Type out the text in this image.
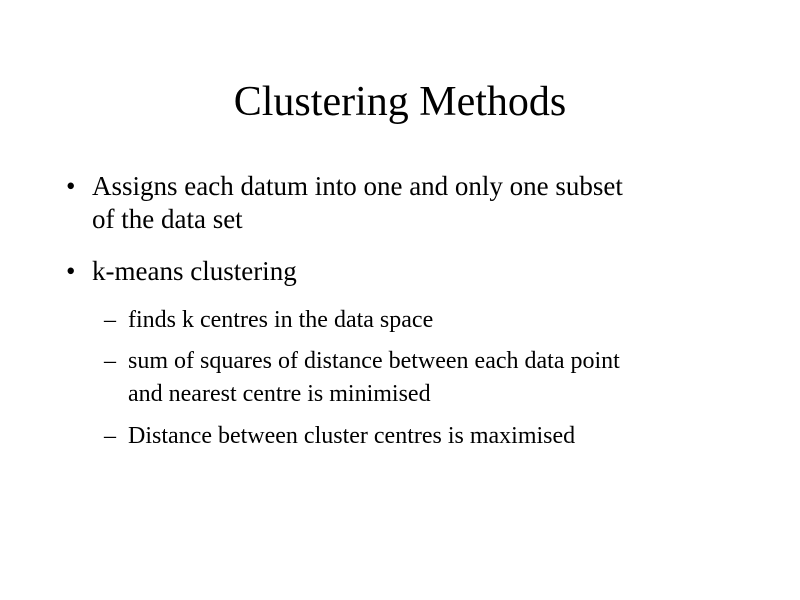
Clustering Methods
• Assigns each datum into one and only one subset
of the data set
• k-means clustering
– finds k centres in the data space
– sum of squares of distance between each data point
and nearest centre is minimised
– Distance between cluster centres is maximised
